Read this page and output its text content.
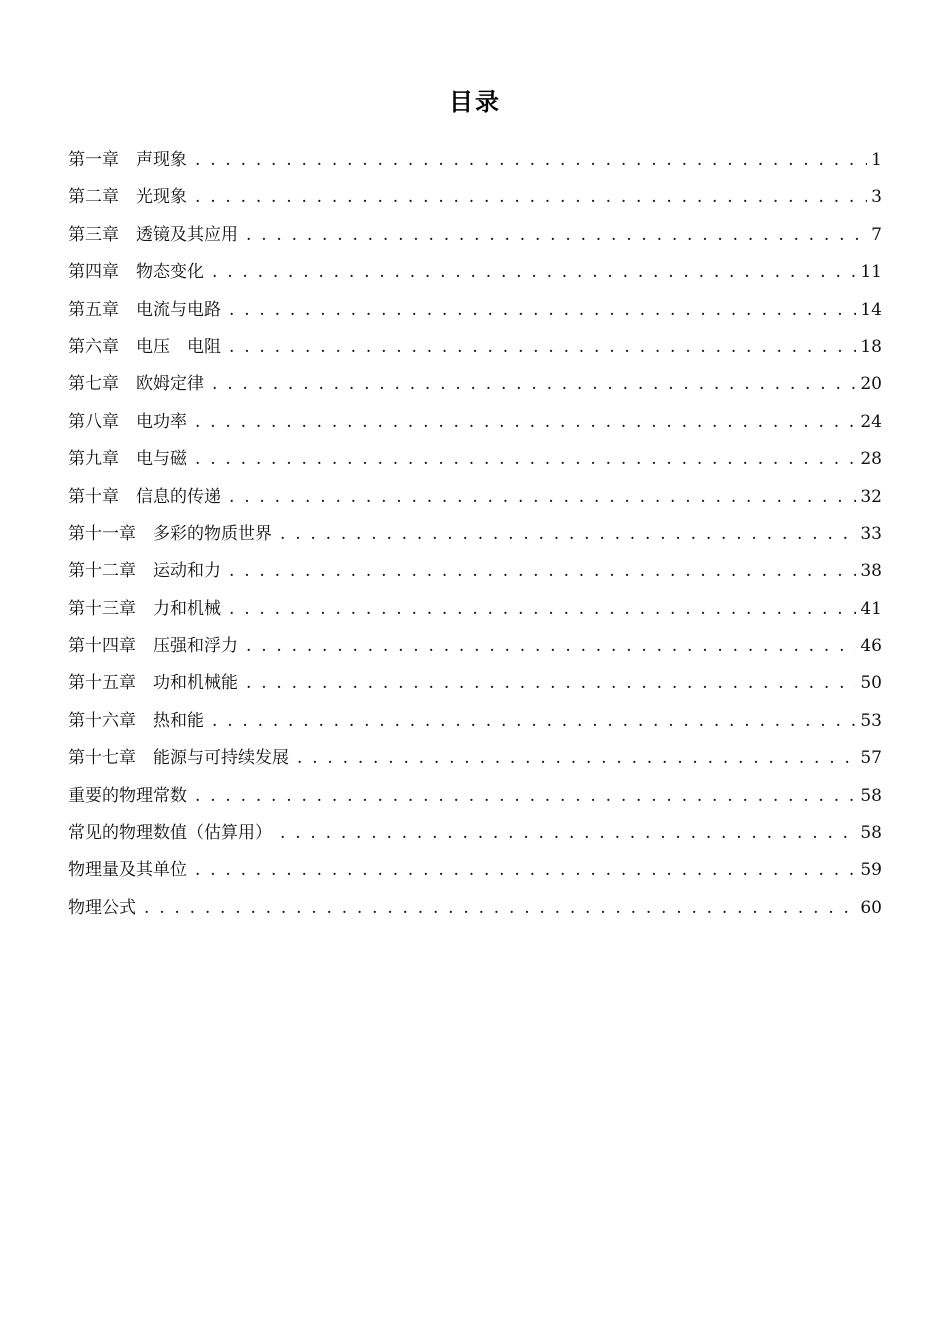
目录
第一章　声现象 . . .	1
第二章　光现象 . . .	3
第三章　透镜及其应用 . . .	7
第四章　物态变化 . . .	11
第五章　电流与电路 . . .	14
第六章　电压　电阻 . . .	18
第七章　欧姆定律 . . .	20
第八章　电功率 . . .	24
第九章　电与磁 . . .	28
第十章　信息的传递 . . .	32
第十一章　多彩的物质世界 . . .	33
第十二章　运动和力 . . .	38
第十三章　力和机械 . . .	41
第十四章　压强和浮力 . . .	46
第十五章　功和机械能 . . .	50
第十六章　热和能 . . .	53
第十七章　能源与可持续发展 . . .	57
重要的物理常数 . . .	58
常见的物理数值（估算用） . . .	58
物理量及其单位 . . .	59
物理公式 . . .	60
